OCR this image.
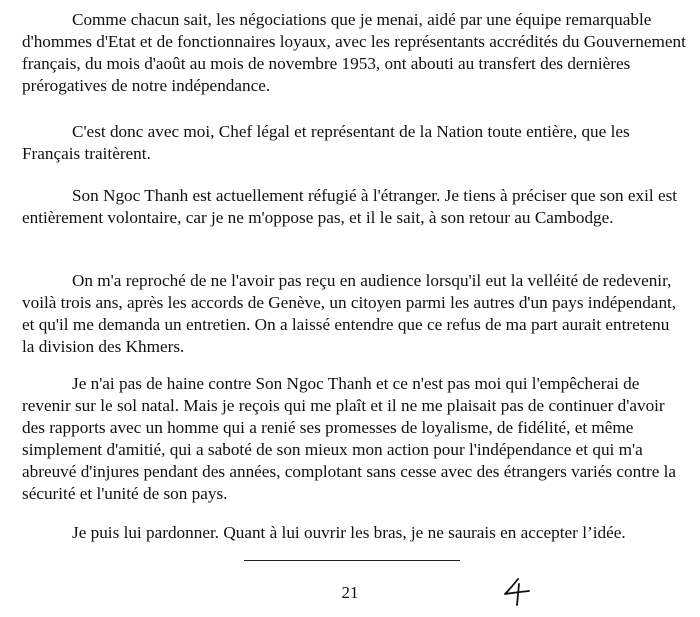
Comme chacun sait, les négociations que je menai, aidé par une équipe remarquable d'hommes d'Etat et de fonctionnaires loyaux, avec les représentants accrédités du Gouvernement français, du mois d'août au mois de novembre 1953, ont abouti au transfert des dernières prérogatives de notre indépendance.

C'est donc avec moi, Chef légal et représentant de la Nation toute entière, que les Français traitèrent.

Son Ngoc Thanh est actuellement réfugié à l'étranger. Je tiens à préciser que son exil est entièrement volontaire, car je ne m'oppose pas, et il le sait, à son retour au Cambodge.

On m'a reproché de ne l'avoir pas reçu en audience lorsqu'il eut la velléité de redevenir, voilà trois ans, après les accords de Genève, un citoyen parmi les autres d'un pays indépendant, et qu'il me demanda un entretien. On a laissé entendre que ce refus de ma part aurait entretenu la division des Khmers.

Je n'ai pas de haine contre Son Ngoc Thanh et ce n'est pas moi qui l'empêcherai de revenir sur le sol natal. Mais je reçois qui me plaît et il ne me plaisait pas de continuer d'avoir des rapports avec un homme qui a renié ses promesses de loyalisme, de fidélité, et même simplement d'amitié, qui a saboté de son mieux mon action pour l'indépendance et qui m'a abreuvé d'injures pendant des années, complotant sans cesse avec des étrangers variés contre la sécurité et l'unité de son pays.

Je puis lui pardonner. Quant à lui ouvrir les bras, je ne saurais en accepter l’idée.

21
